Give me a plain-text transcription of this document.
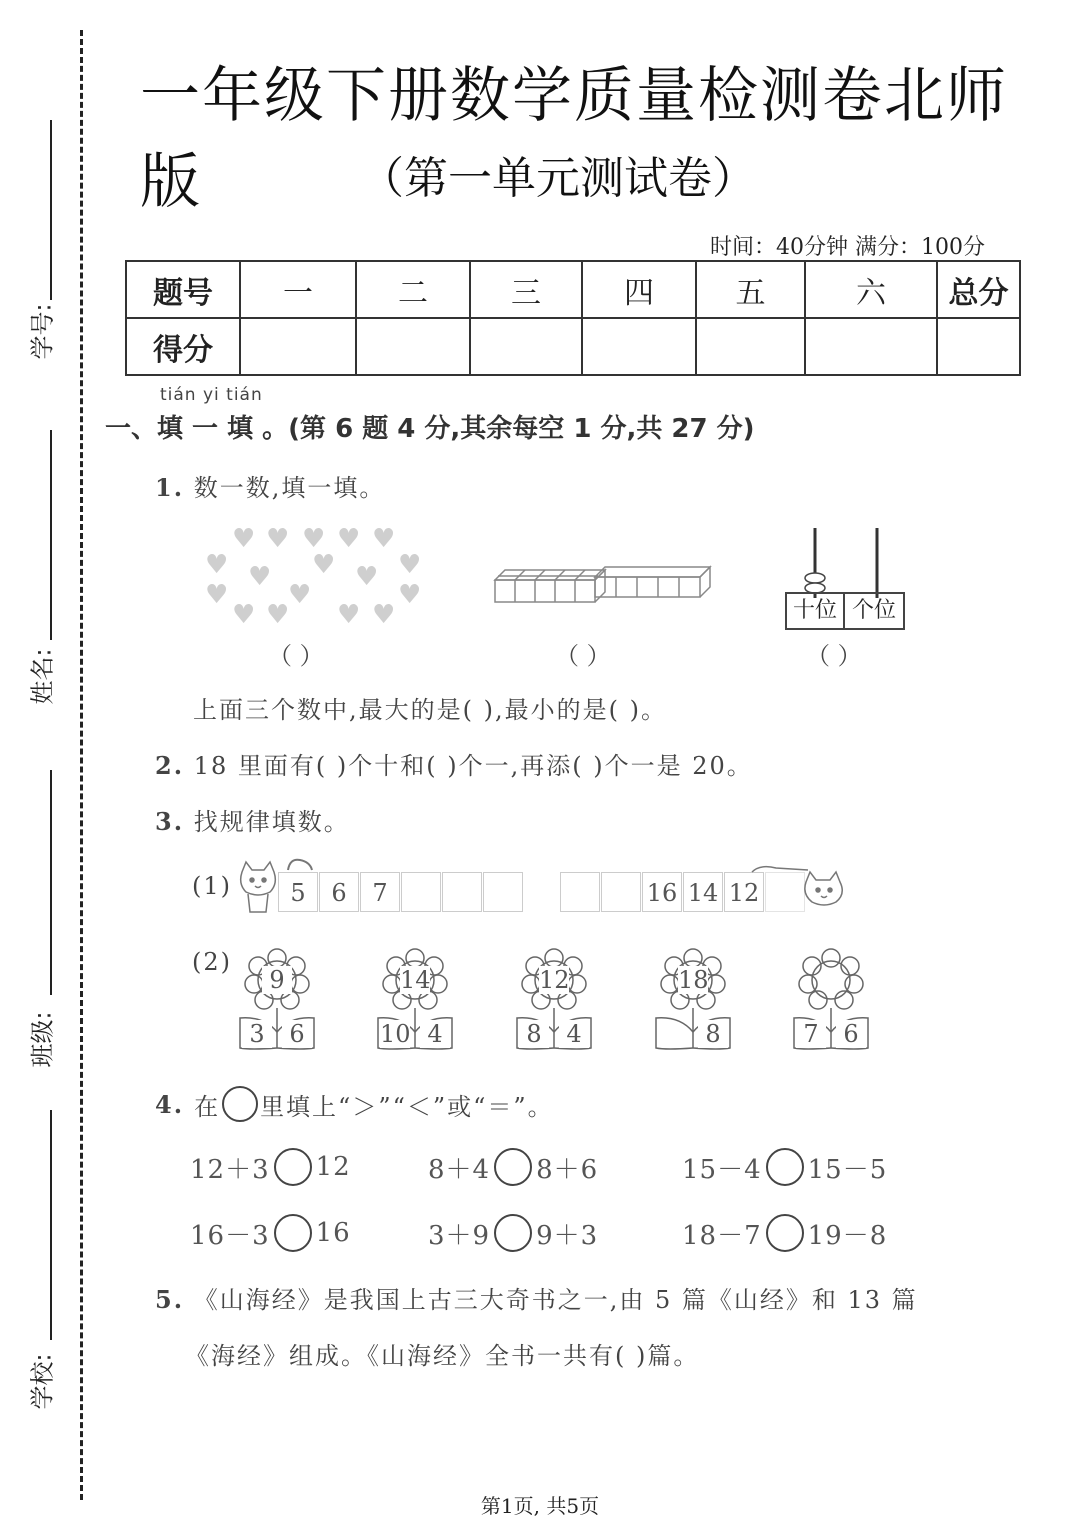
学号:
姓名:
班级:
学校:
一年级下册数学质量检测卷北师版	（第一单元测试卷）
时间：40分钟 满分：100分
题号	一	二	三	四	五	六	总分
得分							
tián yi tián
一、填 一 填 。(第 6 题 4 分,其余每空 1 分,共 27 分)
1. 数一数,填一填。
♥ ♥ ♥ ♥ ♥
♥ ♥ ♥ ♥ ♥
♥ ♥	♥
♥ ♥ ♥ ♥	十位 个位
（ ）	（ ）	（ ）
上面三个数中,最大的是( ),最小的是( )。
2. 18 里面有( )个十和( )个一,再添( )个一是 20。
3. 找规律填数。
(1)	5	6	7	16 14 12
(2)
9
3	6
14
10 4
12
8	4
18
8	7	6
4. 在 里填上“＞”“＜”或“＝”。
12＋3 12	8＋4 8＋6	15－4 15－5
16－3 16	3＋9 9＋3	18－7 19－8
5. 《山海经》是我国上古三大奇书之一,由 5 篇《山经》和 13 篇
《海经》组成。《山海经》全书一共有( )篇。
第1页, 共5页
